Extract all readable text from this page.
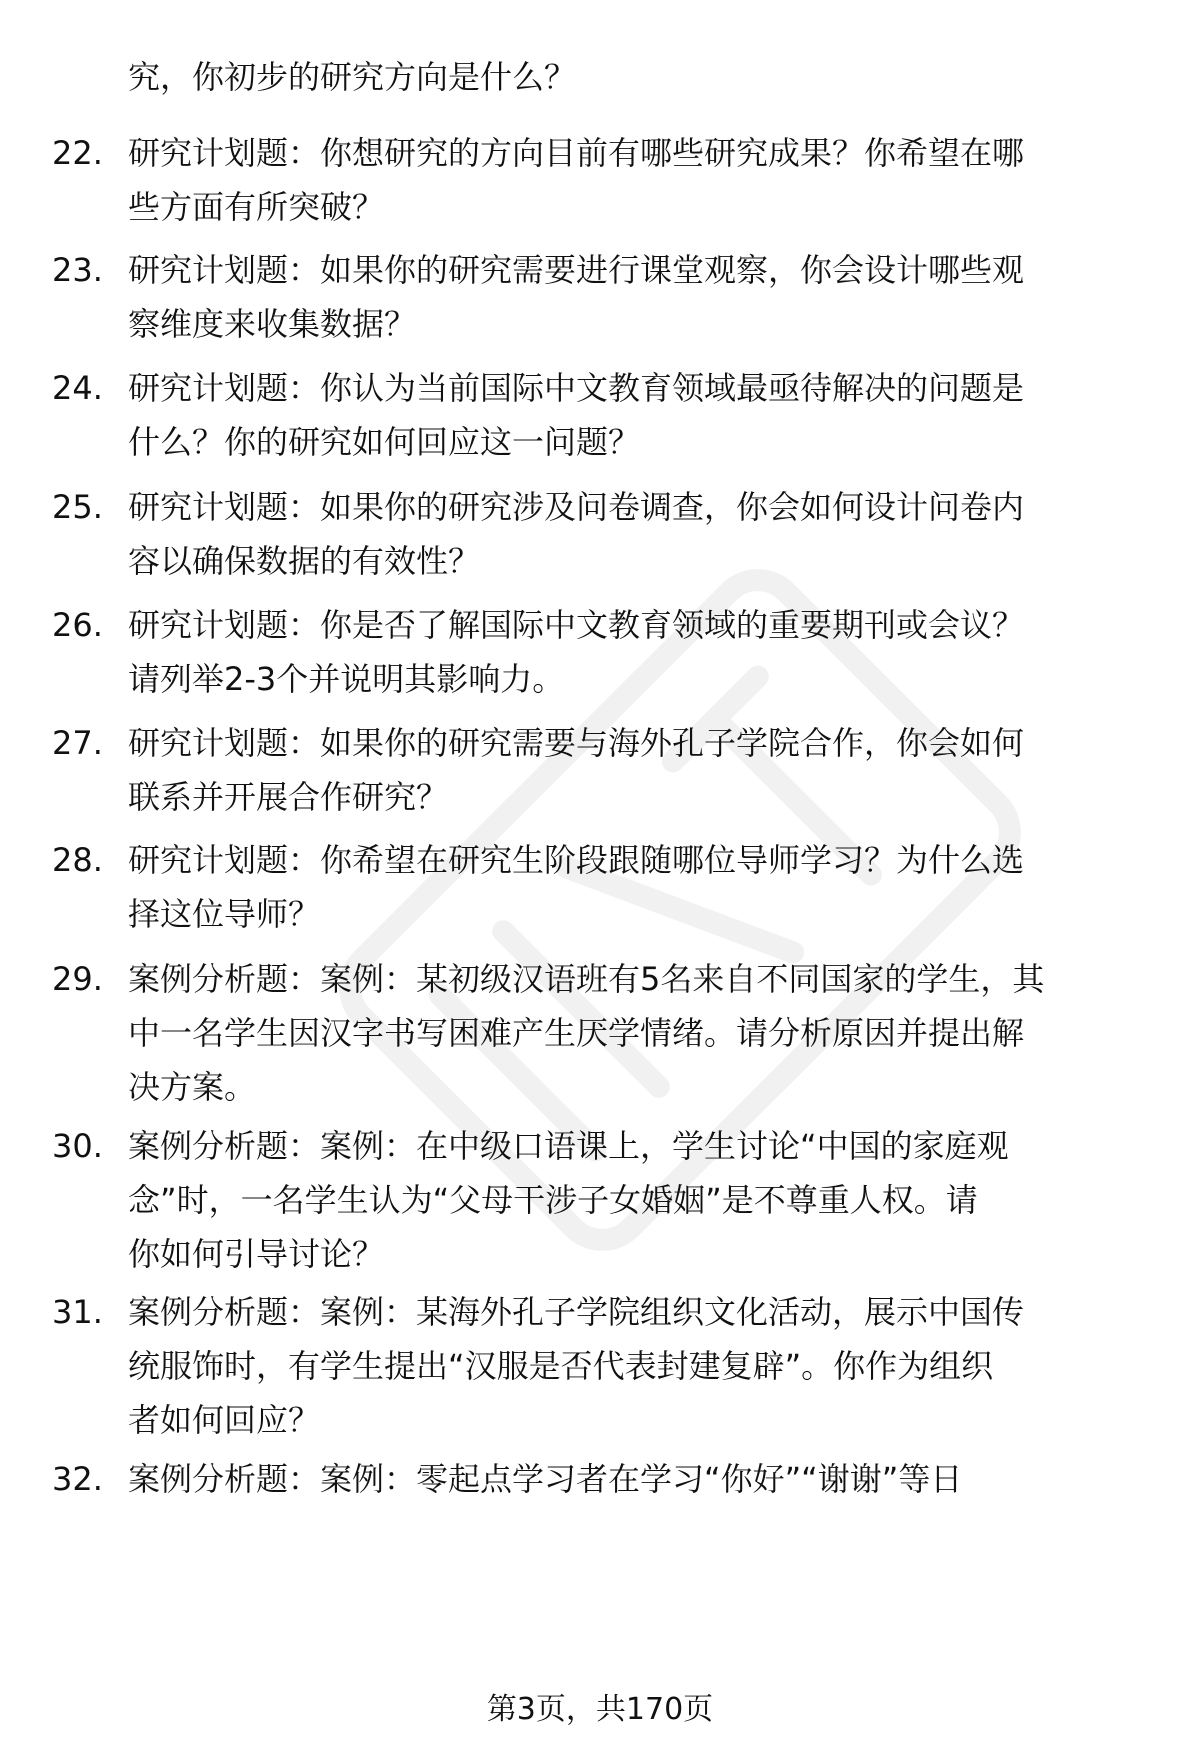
究，你初步的研究方向是什么？
22. 研究计划题：你想研究的方向目前有哪些研究成果？你希望在哪
些方面有所突破？
23. 研究计划题：如果你的研究需要进行课堂观察，你会设计哪些观
察维度来收集数据？
24. 研究计划题：你认为当前国际中文教育领域最亟待解决的问题是
什么？你的研究如何回应这一问题？
25. 研究计划题：如果你的研究涉及问卷调查，你会如何设计问卷内
容以确保数据的有效性？
26. 研究计划题：你是否了解国际中文教育领域的重要期刊或会议？
请列举2-3个并说明其影响力。
27. 研究计划题：如果你的研究需要与海外孔子学院合作，你会如何
联系并开展合作研究？
28. 研究计划题：你希望在研究生阶段跟随哪位导师学习？为什么选
择这位导师？
29. 案例分析题：案例：某初级汉语班有5名来自不同国家的学生，其
中一名学生因汉字书写困难产生厌学情绪。请分析原因并提出解
决方案。
30. 案例分析题：案例：在中级口语课上，学生讨论“中国的家庭观
念”时，一名学生认为“父母干涉子女婚姻”是不尊重人权。请
你如何引导讨论？
31. 案例分析题：案例：某海外孔子学院组织文化活动，展示中国传
统服饰时，有学生提出“汉服是否代表封建复辟”。你作为组织
者如何回应？
32. 案例分析题：案例：零起点学习者在学习“你好”“谢谢”等日
第3页，共170页
